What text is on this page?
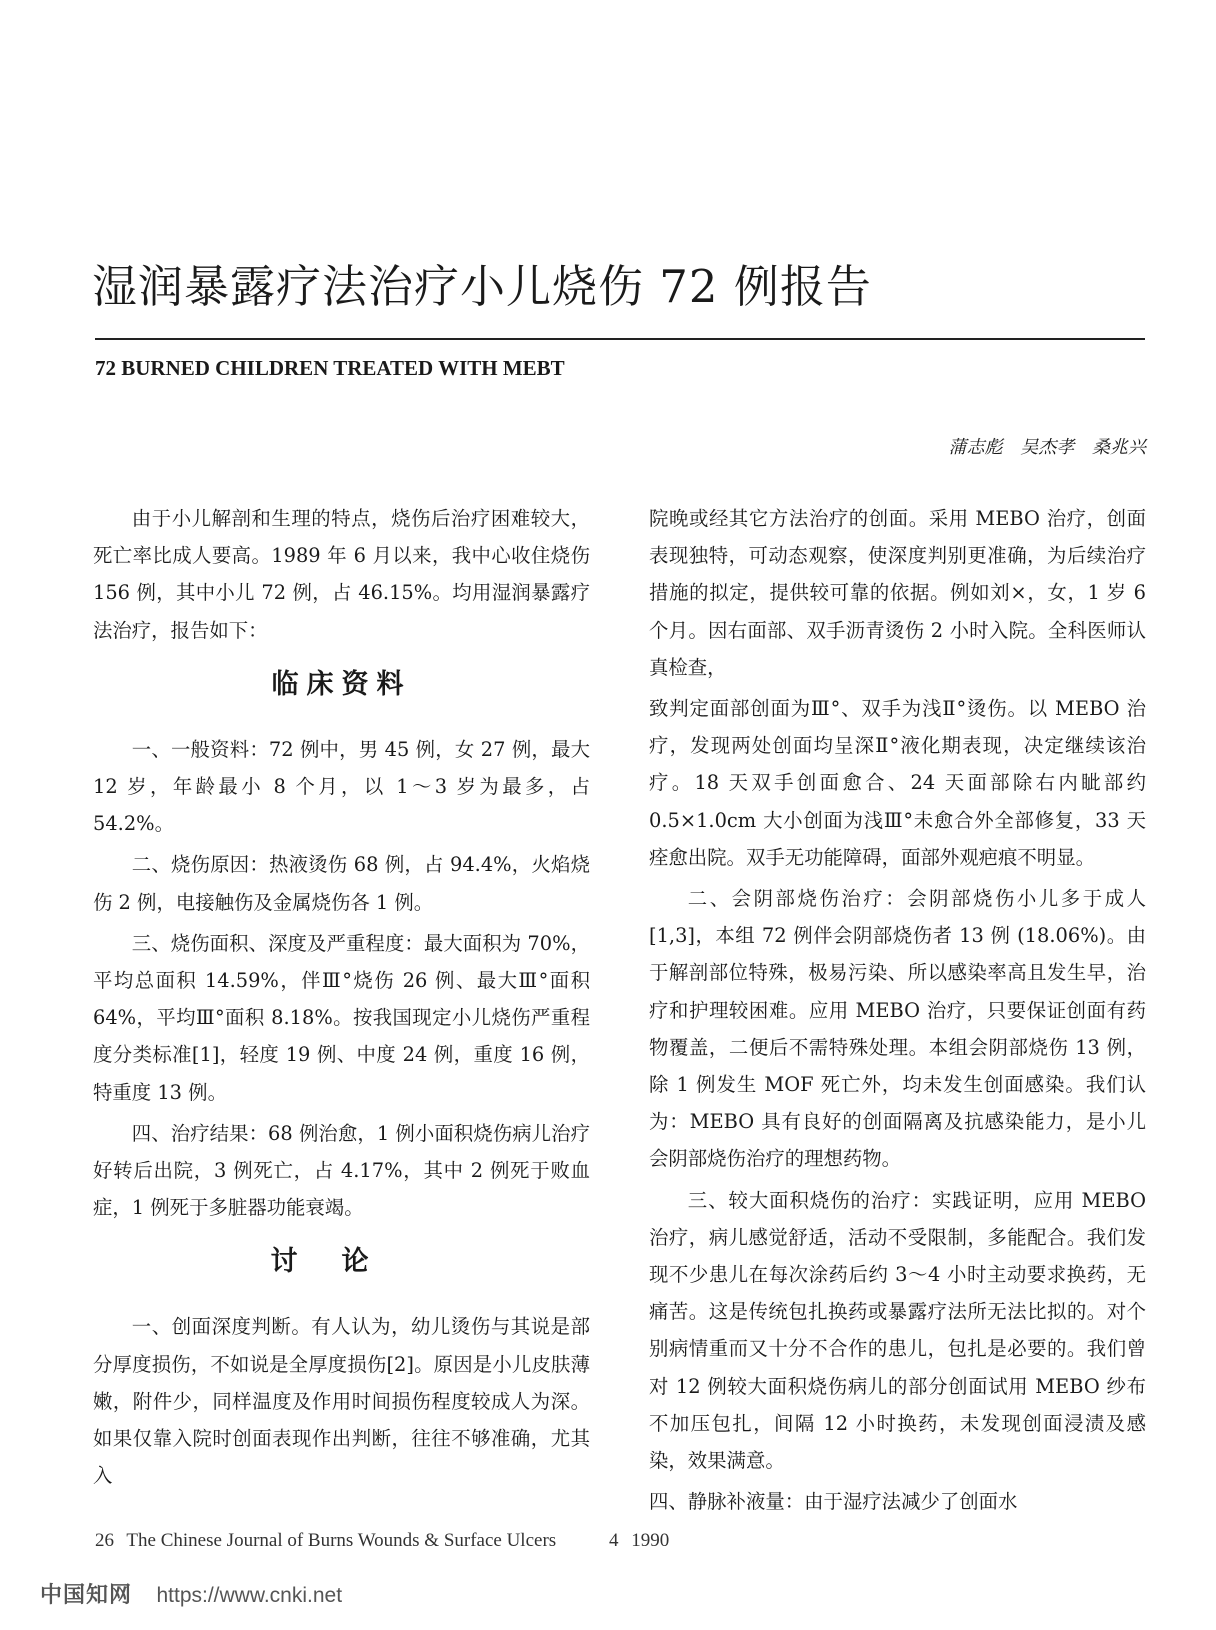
湿润暴露疗法治疗小儿烧伤 72 例报告
72 BURNED CHILDREN TREATED WITH MEBT
蒲志彪 吴杰孝 桑兆兴

由于小儿解剖和生理的特点，烧伤后治疗困难较大，死亡率比成人要高。1989 年 6 月以来，我中心收住烧伤 156 例，其中小儿 72 例，占 46.15%。均用湿润暴露疗法治疗，报告如下：

临床资料

一、一般资料：72 例中，男 45 例，女 27 例，最大 12 岁，年龄最小 8 个月，以 1～3 岁为最多，占 54.2%。

二、烧伤原因：热液烫伤 68 例，占 94.4%，火焰烧伤 2 例，电接触伤及金属烧伤各 1 例。

三、烧伤面积、深度及严重程度：最大面积为 70%，平均总面积 14.59%，伴Ⅲ°烧伤 26 例、最大Ⅲ°面积 64%，平均Ⅲ°面积 8.18%。按我国现定小儿烧伤严重程度分类标准[1]，轻度 19 例、中度 24 例，重度 16 例，特重度 13 例。

四、治疗结果：68 例治愈，1 例小面积烧伤病儿治疗好转后出院，3 例死亡，占 4.17%，其中 2 例死于败血症，1 例死于多脏器功能衰竭。

讨论

一、创面深度判断。有人认为，幼儿烫伤与其说是部分厚度损伤，不如说是全厚度损伤[2]。原因是小儿皮肤薄嫩，附件少，同样温度及作用时间损伤程度较成人为深。如果仅靠入院时创面表现作出判断，往往不够准确，尤其入

院晚或经其它方法治疗的创面。采用 MEBO 治疗，创面表现独特，可动态观察，使深度判别更准确，为后续治疗措施的拟定，提供较可靠的依据。例如刘×，女，1 岁 6 个月。因右面部、双手沥青烫伤 2 小时入院。全科医师认真检查，

致判定面部创面为Ⅲ°、双手为浅Ⅱ°烫伤。以 MEBO 治疗，发现两处创面均呈深Ⅱ°液化期表现，决定继续该治疗。18 天双手创面愈合、24 天面部除右内眦部约 0.5×1.0cm 大小创面为浅Ⅲ°未愈合外全部修复，33 天痊愈出院。双手无功能障碍，面部外观疤痕不明显。

二、会阴部烧伤治疗：会阴部烧伤小儿多于成人[1,3]，本组 72 例伴会阴部烧伤者 13 例 (18.06%)。由于解剖部位特殊，极易污染、所以感染率高且发生早，治疗和护理较困难。应用 MEBO 治疗，只要保证创面有药物覆盖，二便后不需特殊处理。本组会阴部烧伤 13 例，除 1 例发生 MOF 死亡外，均未发生创面感染。我们认为：MEBO 具有良好的创面隔离及抗感染能力，是小儿会阴部烧伤治疗的理想药物。

三、较大面积烧伤的治疗：实践证明，应用 MEBO 治疗，病儿感觉舒适，活动不受限制，多能配合。我们发现不少患儿在每次涂药后约 3～4 小时主动要求换药，无痛苦。这是传统包扎换药或暴露疗法所无法比拟的。对个别病情重而又十分不合作的患儿，包扎是必要的。我们曾对 12 例较大面积烧伤病儿的部分创面试用 MEBO 纱布不加压包扎，间隔 12 小时换药，未发现创面浸渍及感染，效果满意。

四、静脉补液量：由于湿疗法减少了创面水

26 The Chinese Journal of Burns Wounds & Surface Ulcers	4 1990
中国知网 https://www.cnki.net
